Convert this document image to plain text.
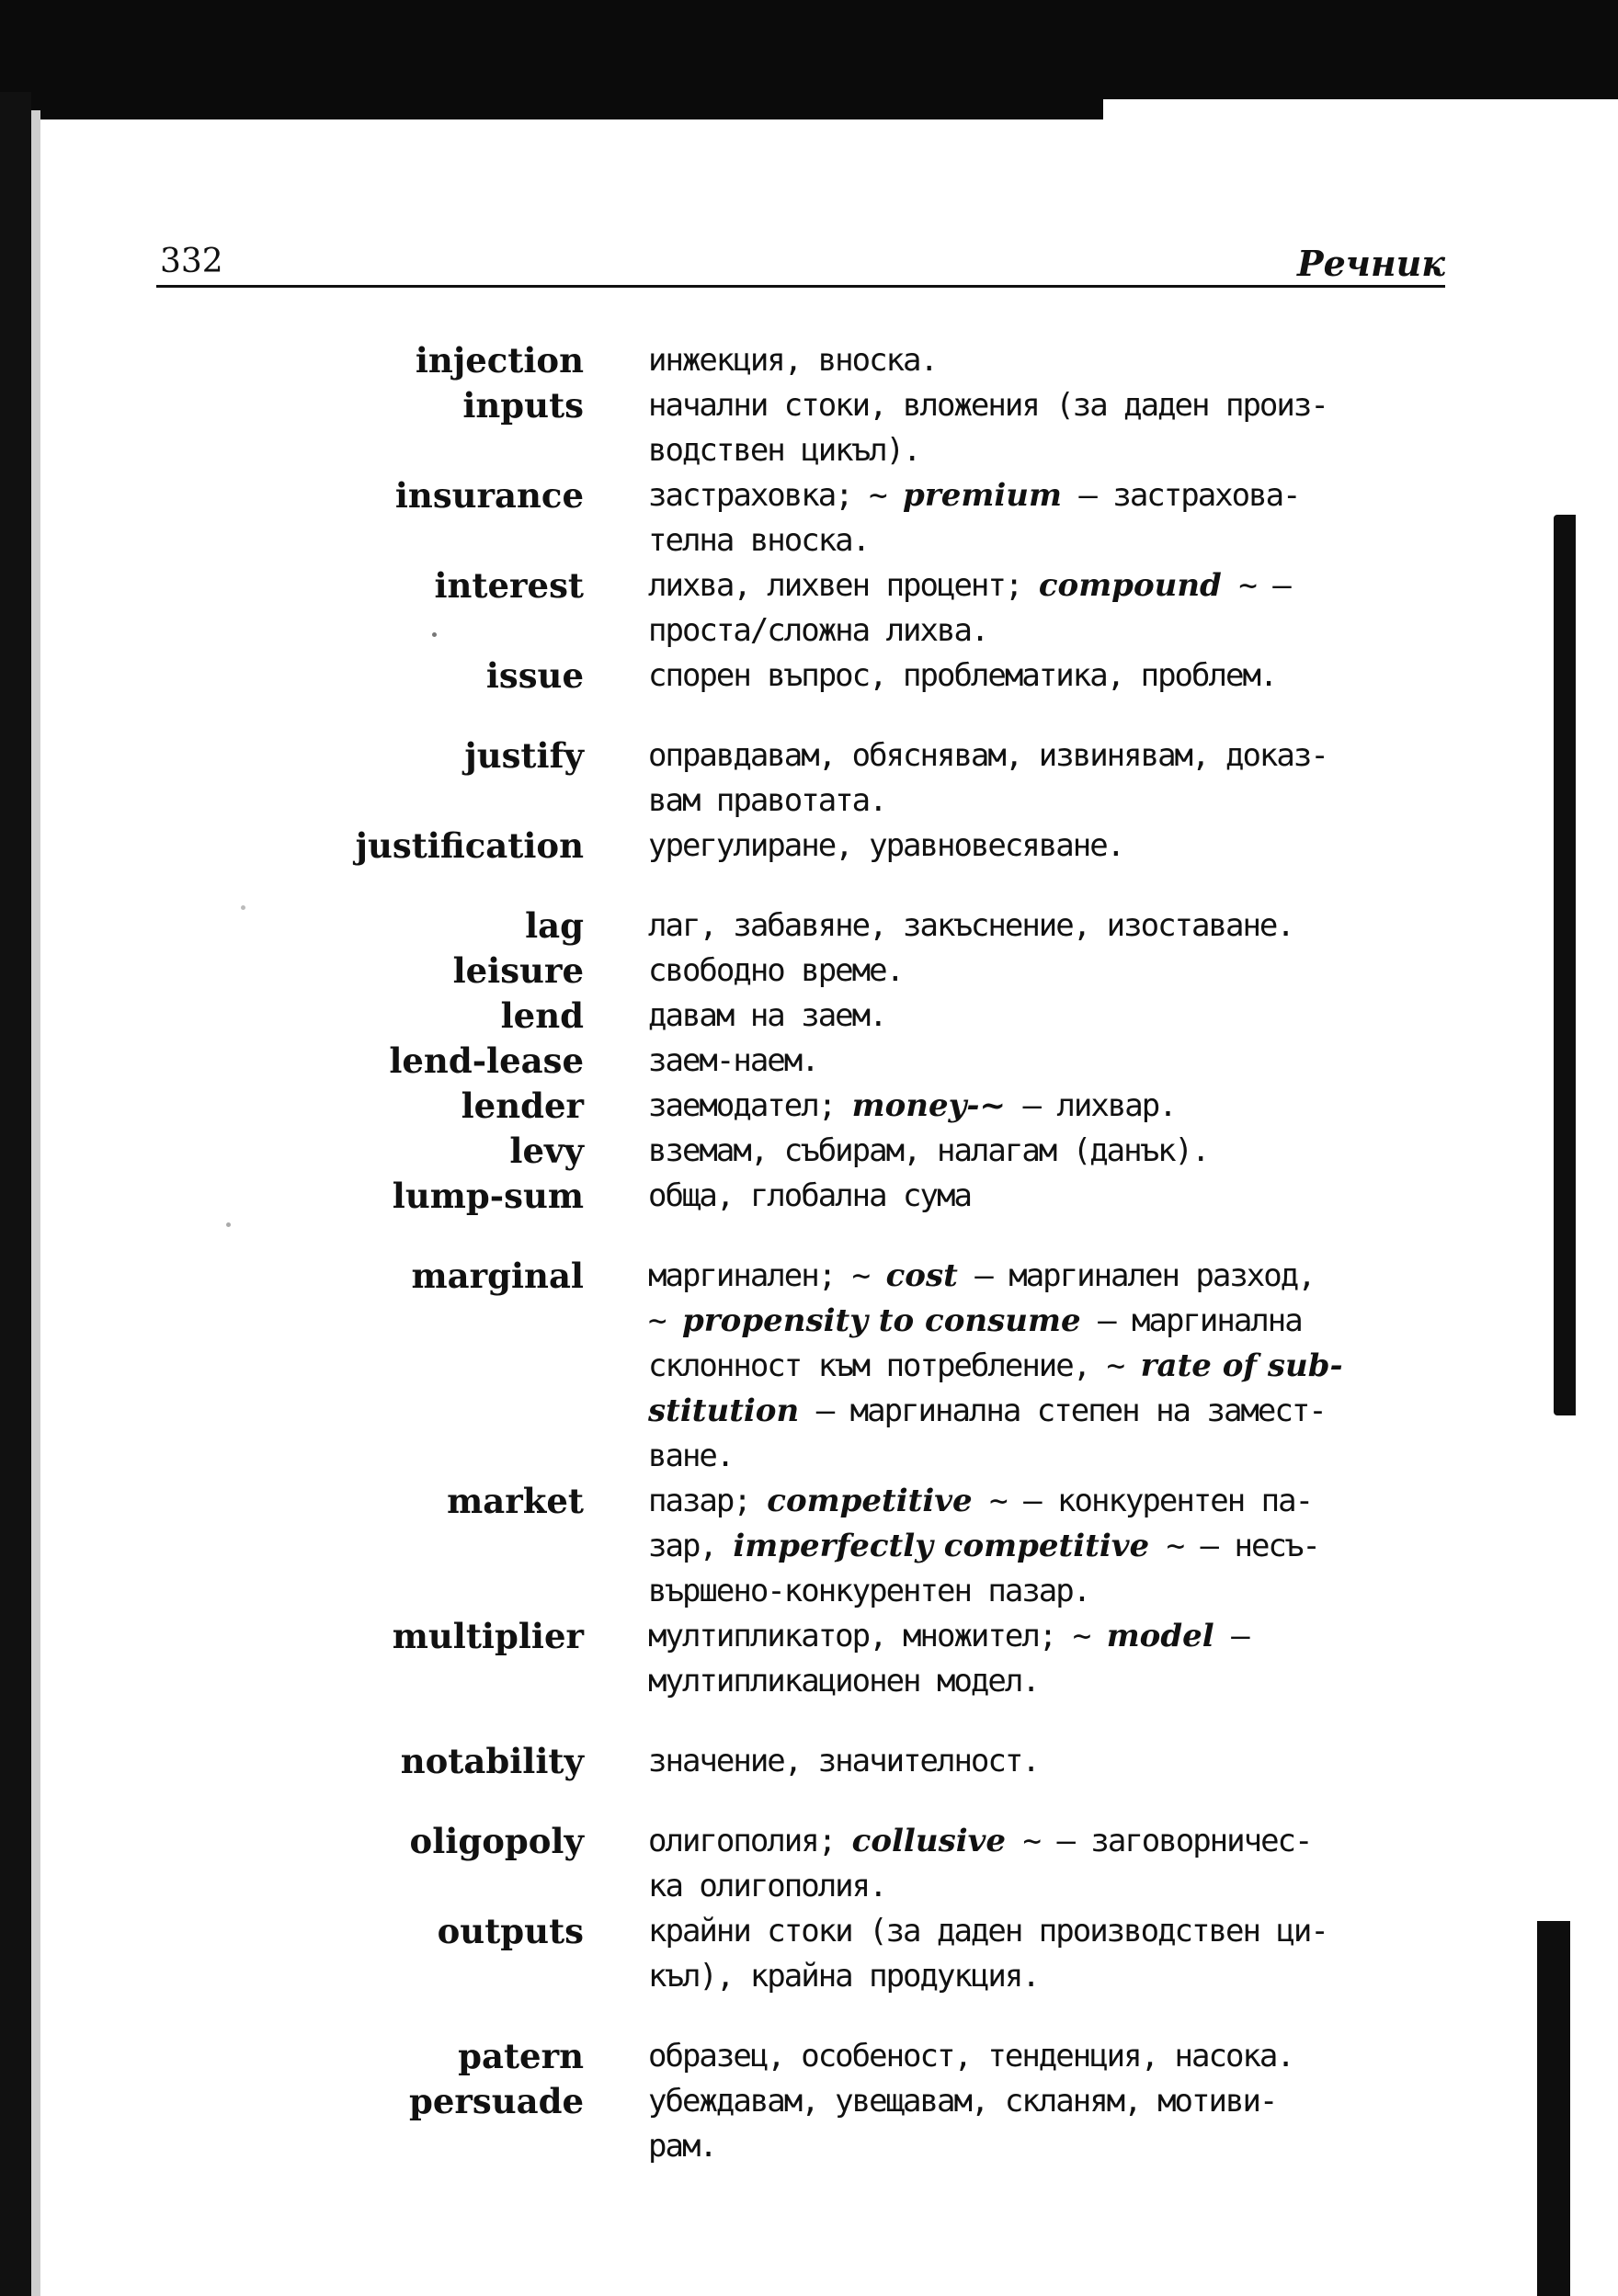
332	Речник
injection инжекция, вноска.
inputs начални стоки, вложения (за даден произ-
водствен цикъл).
insurance застраховка; ~ premium — застрахова-
телна вноска.
interest лихва, лихвен процент; compound ~ —
проста/сложна лихва.
issue спорен въпрос, проблематика, проблем.
justify оправдавам, обяснявам, извинявам, доказ-
вам правотата.
justification урегулиране, уравновесяване.
lag лаг, забавяне, закъснение, изоставане.
leisure свободно време.
lend давам на заем.
lend-lease заем-наем.
lender заемодател; money-~ — лихвар.
levy вземам, събирам, налагам (данък).
lump-sum обща, глобална сума
marginal маргинален; ~ cost — маргинален разход,
~ propensity to consume — маргинална
склонност към потребление, ~ rate of sub-
stitution — маргинална степен на замест-
ване.
market пазар; competitive ~ — конкурентен па-
зар, imperfectly competitive ~ — несъ-
вършено-конкурентен пазар.
multiplier мултипликатор, множител; ~ model —
мултипликационен модел.
notability значение, значителност.
oligopoly олигополия; collusive ~ — заговорничес-
ка олигополия.
outputs крайни стоки (за даден производствен ци-
къл), крайна продукция.
patern образец, особеност, тенденция, насока.
persuade убеждавам, увещавам, скланям, мотиви-
рам.
